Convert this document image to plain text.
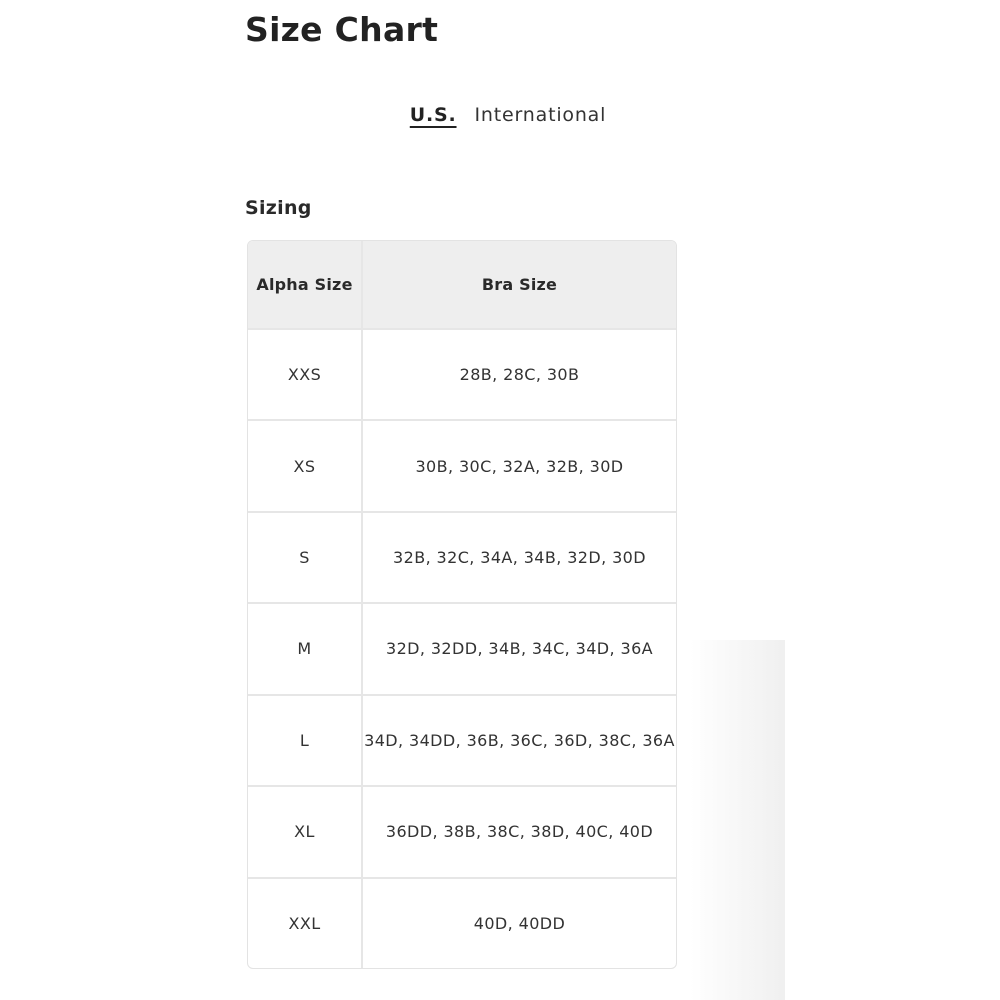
Size Chart
U.S. International
Sizing
Alpha Size	Bra Size
XXS	28B, 28C, 30B
XS	30B, 30C, 32A, 32B, 30D
S	32B, 32C, 34A, 34B, 32D, 30D
M	32D, 32DD, 34B, 34C, 34D, 36A
L	34D, 34DD, 36B, 36C, 36D, 38C, 36A
XL	36DD, 38B, 38C, 38D, 40C, 40D
XXL	40D, 40DD
